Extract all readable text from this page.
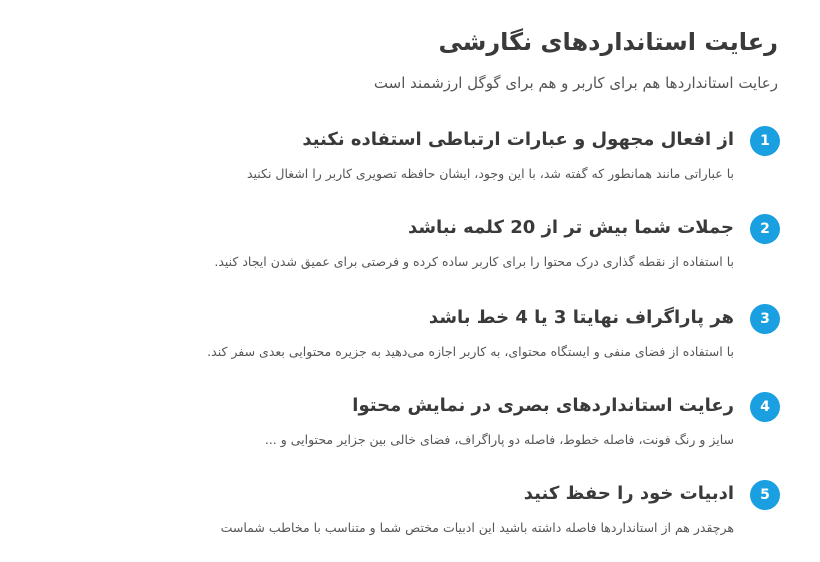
رعایت استانداردهای نگارشی

رعایت استانداردها هم برای کاربر و هم برای گوگل ارزشمند است

1
از افعال مجهول و عبارات ارتباطی استفاده نکنید
با عباراتی مانند همانطور که گفته شد، با این وجود، ایشان حافظه تصویری کاربر را اشغال نکنید
2
جملات شما بیش تر از 20 کلمه نباشد
با استفاده از نقطه گذاری درک محتوا را برای کاربر ساده کرده و فرصتی برای عمیق شدن ایجاد کنید.
3
هر پاراگراف نهایتا 3 یا 4 خط باشد
با استفاده از فضای منفی و ایستگاه محتوای، به کاربر اجازه می‌دهید به جزیره محتوایی بعدی سفر کند.
4
رعایت استانداردهای بصری در نمایش محتوا
سایز و رنگ فونت، فاصله خطوط، فاصله دو پاراگراف، فضای خالی بین جزایر محتوایی و ...
5
ادبیات خود را حفظ کنید
هرچقدر هم از استانداردها فاصله داشته باشید این ادبیات مختص شما و متناسب با مخاطب شماست
